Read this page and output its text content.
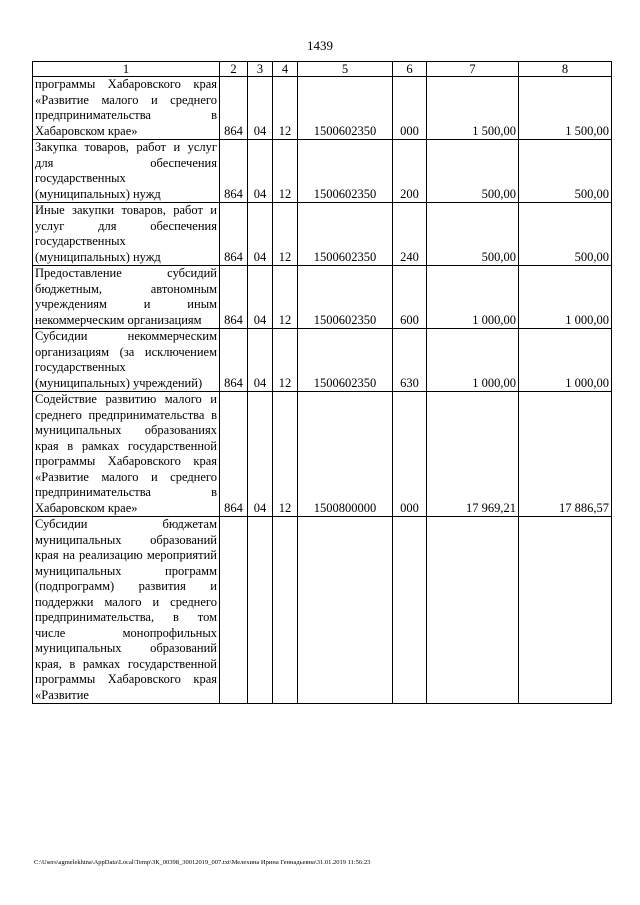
1439
1	2	3	4	5	6	7	8
программы Хабаровского края «Развитие малого и среднего предпринимательства в Хабаровском крае»	864	04	12	1500602350	000	1 500,00	1 500,00
Закупка товаров, работ и услуг для обеспечения государственных (муниципальных) нужд	864	04	12	1500602350	200	500,00	500,00
Иные закупки товаров, работ и услуг для обеспечения государственных (муниципальных) нужд	864	04	12	1500602350	240	500,00	500,00
Предоставление субсидий бюджетным, автономным учреждениям и иным некоммерческим организациям	864	04	12	1500602350	600	1 000,00	1 000,00
Субсидии некоммерческим организациям (за исключением государственных (муниципальных) учреждений)	864	04	12	1500602350	630	1 000,00	1 000,00
Содействие развитию малого и среднего предпринимательства в муниципальных образованиях края в рамках государственной программы Хабаровского края «Развитие малого и среднего предпринимательства в Хабаровском крае»	864	04	12	1500800000	000	17 969,21	17 886,57
Субсидии бюджетам муниципальных образований края на реализацию мероприятий муниципальных программ (подпрограмм) развития и поддержки малого и среднего предпринимательства, в том числе монопрофильных муниципальных образований края, в рамках государственной программы Хабаровского края «Развитие							
C:\Users\agmelekhina\AppData\Local\Temp\ЗК_00398_30012019_007.txt\Мелехина Ирина Геннадьевна\31.01.2019 11:56:23
